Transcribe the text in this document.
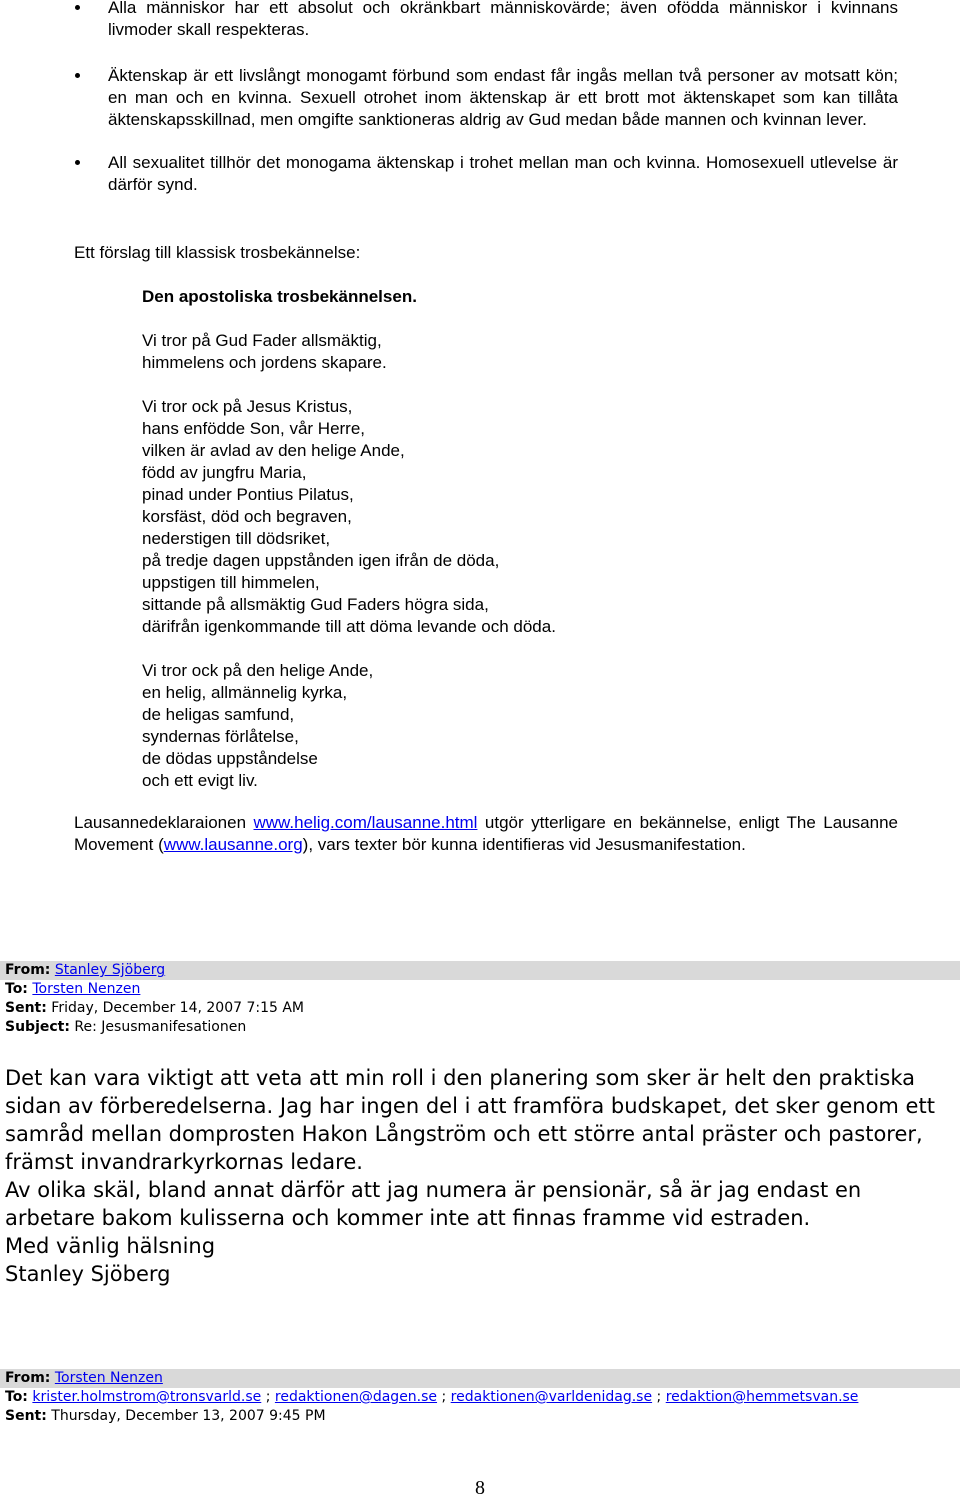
Alla människor har ett absolut och okränkbart människovärde; även ofödda människor i kvinnans livmoder skall respekteras.
Äktenskap är ett livslångt monogamt förbund som endast får ingås mellan två personer av motsatt kön; en man och en kvinna. Sexuell otrohet inom äktenskap är ett brott mot äktenskapet som kan tillåta äktenskapsskillnad, men omgifte sanktioneras aldrig av Gud medan både mannen och kvinnan lever.
All sexualitet tillhör det monogama äktenskap i trohet mellan man och kvinna. Homosexuell utlevelse är därför synd.
Ett förslag till klassisk trosbekännelse:
Den apostoliska trosbekännelsen.

Vi tror på Gud Fader allsmäktig,
himmelens och jordens skapare.

Vi tror ock på Jesus Kristus,
hans enfödde Son, vår Herre,
vilken är avlad av den helige Ande,
född av jungfru Maria,
pinad under Pontius Pilatus,
korsfäst, död och begraven,
nederstigen till dödsriket,
på tredje dagen uppstånden igen ifrån de döda,
uppstigen till himmelen,
sittande på allsmäktig Gud Faders högra sida,
därifrån igenkommande till att döma levande och döda.

Vi tror ock på den helige Ande,
en helig, allmännelig kyrka,
de heligas samfund,
syndernas förlåtelse,
de dödas uppståndelse
och ett evigt liv.

Lausannedeklaraionen www.helig.com/lausanne.html utgör ytterligare en bekännelse, enligt The Lausanne Movement (www.lausanne.org), vars texter bör kunna identifieras vid Jesusmanifestation.

From: Stanley Sjöberg
To: Torsten Nenzen
Sent: Friday, December 14, 2007 7:15 AM
Subject: Re: Jesusmanifesationen

Det kan vara viktigt att veta att min roll i den planering som sker är helt den praktiska sidan av förberedelserna. Jag har ingen del i att framföra budskapet, det sker genom ett samråd mellan domprosten Hakon Långström och ett större antal präster och pastorer, främst invandrarkyrkornas ledare.

Av olika skäl, bland annat därför att jag numera är pensionär, så är jag endast en arbetare bakom kulisserna och kommer inte att finnas framme vid estraden.

Med vänlig hälsning

Stanley Sjöberg

From: Torsten Nenzen
To: krister.holmstrom@tronsvarld.se ; redaktionen@dagen.se ; redaktionen@varldenidag.se ; redaktion@hemmetsvan.se
Sent: Thursday, December 13, 2007 9:45 PM
8
